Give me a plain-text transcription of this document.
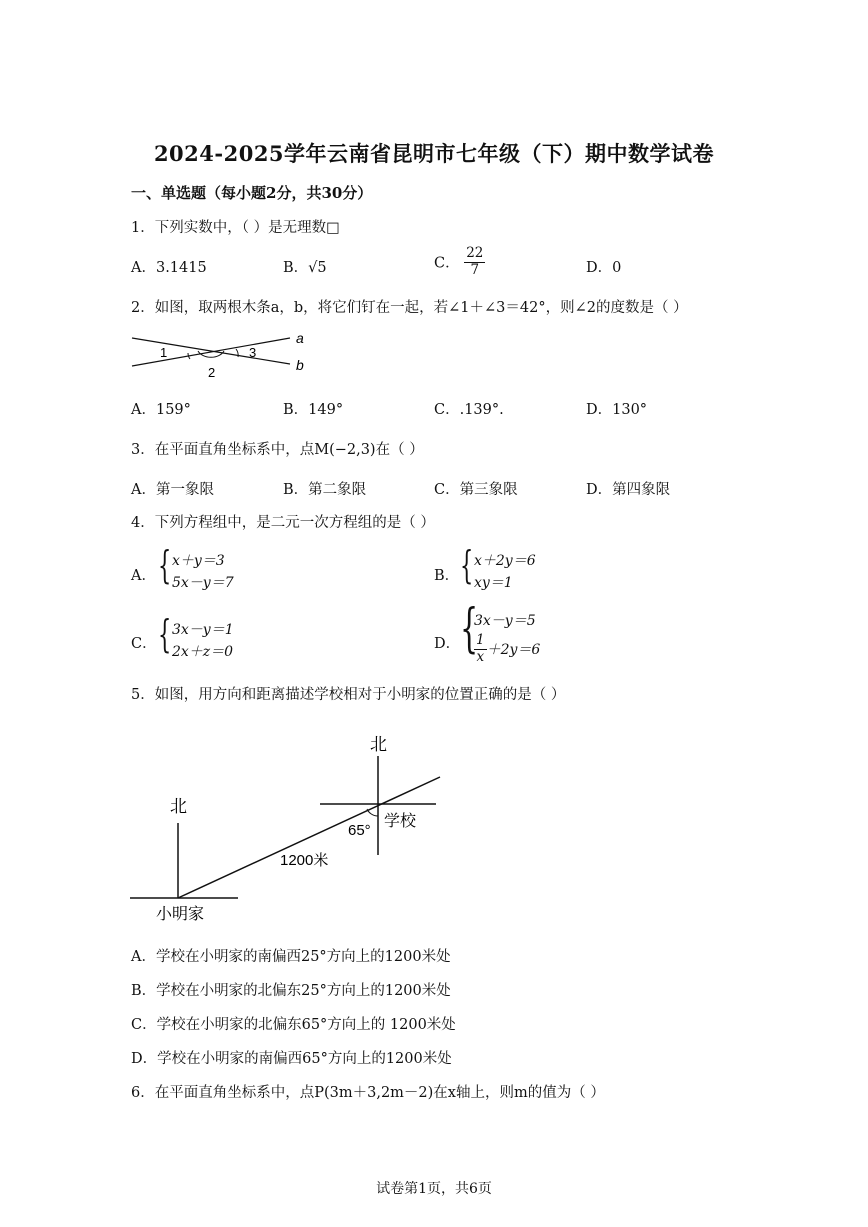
2024-2025学年云南省昆明市七年级（下）期中数学试卷
一、单选题（每小题2分，共30分）
1．下列实数中，（ ）是无理数□
A．3.1415	B．√5	C． $\frac{22}{7}$	D．0
2．如图，取两根木条a，b，将它们钉在一起，若∠1＋∠3＝42°，则∠2的度数是（ ）
a
b
1
2
3
A．159°	B．149°	C．.139°.	D．130°
3．在平面直角坐标系中，点M(−2,3)在（ ）
A．第一象限	B．第二象限	C．第三象限	D．第四象限
4．下列方程组中，是二元一次方程组的是（ ）
A． { x＋y＝3
5x－y＝7	B． { x＋2y＝6
xy＝1
C． { 3x－y＝1
2x＋z＝0	D． {
3x－y＝5
$\frac{1}{x} +2y=6$
5．如图，用方向和距离描述学校相对于小明家的位置正确的是（ ）
北
北
小明家
学校
65°
1200米
A．学校在小明家的南偏西25°方向上的1200米处
B．学校在小明家的北偏东25°方向上的1200米处
C．学校在小明家的北偏东65°方向上的 1200米处
D．学校在小明家的南偏西65°方向上的1200米处
6．在平面直角坐标系中，点P(3m＋3,2m－2)在x轴上，则m的值为（ ）
试卷第1页，共6页
